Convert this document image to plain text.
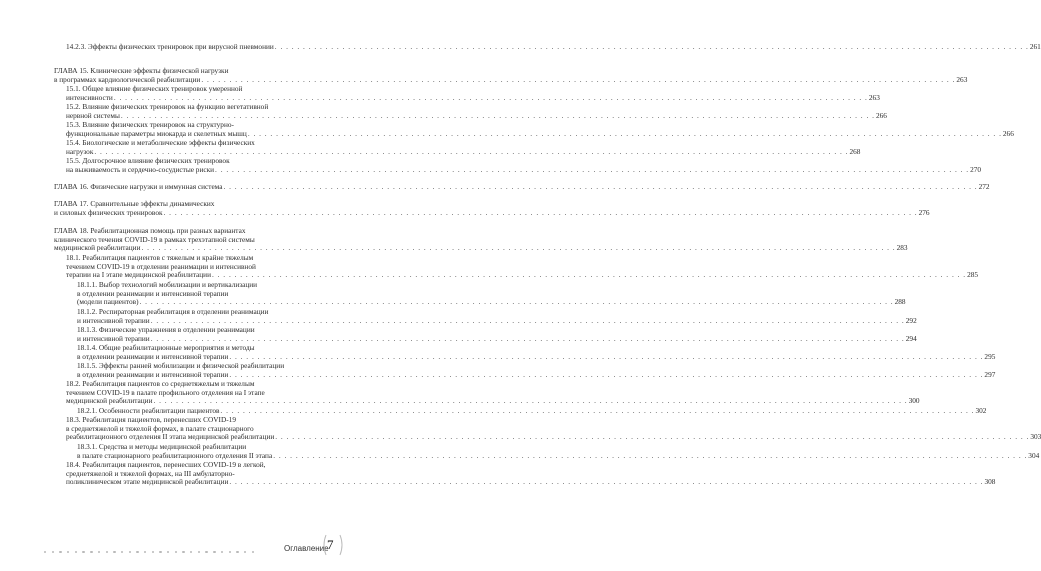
14.2.3. Эффекты физических тренировок при вирусной пневмонии . . .	261
ГЛАВА 15. Клинические эффекты физической нагрузки
в программах кардиологической реабилитации . . .	263
15.1. Общее влияние физических тренировок умеренной
интенсивности . . .	263
15.2. Влияние физических тренировок на функцию вегетативной
нервной системы . . .	266
15.3. Влияние физических тренировок на структурно-
функциональные параметры миокарда и скелетных мышц . . .	266
15.4. Биологические и метаболические эффекты физических
нагрузок . . .	268
15.5. Долгосрочное влияние физических тренировок
на выживаемость и сердечно-сосудистые риски . . .	270
ГЛАВА 16. Физические нагрузки и иммунная система . . .	272
ГЛАВА 17. Сравнительные эффекты динамических
и силовых физических тренировок . . .	276
ГЛАВА 18. Реабилитационная помощь при разных вариантах
клинического течения COVID-19 в рамках трехэтапной системы
медицинской реабилитации . . .	283
18.1. Реабилитация пациентов с тяжелым и крайне тяжелым
течением COVID-19 в отделении реанимации и интенсивной
терапии на I этапе медицинской реабилитации . . .	285
18.1.1. Выбор технологий мобилизации и вертикализации
в отделении реанимации и интенсивной терапии
(модели пациентов) . . .	288
18.1.2. Респираторная реабилитация в отделении реанимации
и интенсивной терапии . . .	292
18.1.3. Физические упражнения в отделении реанимации
и интенсивной терапии . . .	294
18.1.4. Общие реабилитационные мероприятия и методы
в отделении реанимации и интенсивной терапии . . .	295
18.1.5. Эффекты ранней мобилизации и физической реабилитации
в отделении реанимации и интенсивной терапии . . .	297
18.2. Реабилитация пациентов со среднетяжелым и тяжелым
течением COVID-19 в палате профильного отделения на I этапе
медицинской реабилитации . . .	300
18.2.1. Особенности реабилитации пациентов . . .	302
18.3. Реабилитация пациентов, перенесших COVID-19
в среднетяжелой и тяжелой формах, в палате стационарного
реабилитационного отделения II этапа медицинской реабилитации . . .	303
18.3.1. Средства и методы медицинской реабилитации
в палате стационарного реабилитационного отделения II этапа . . .	304
18.4. Реабилитация пациентов, перенесших COVID-19 в легкой,
среднетяжелой и тяжелой формах, на III амбулаторно-
поликлиническом этапе медицинской реабилитации . . .	308
Оглавление
7
